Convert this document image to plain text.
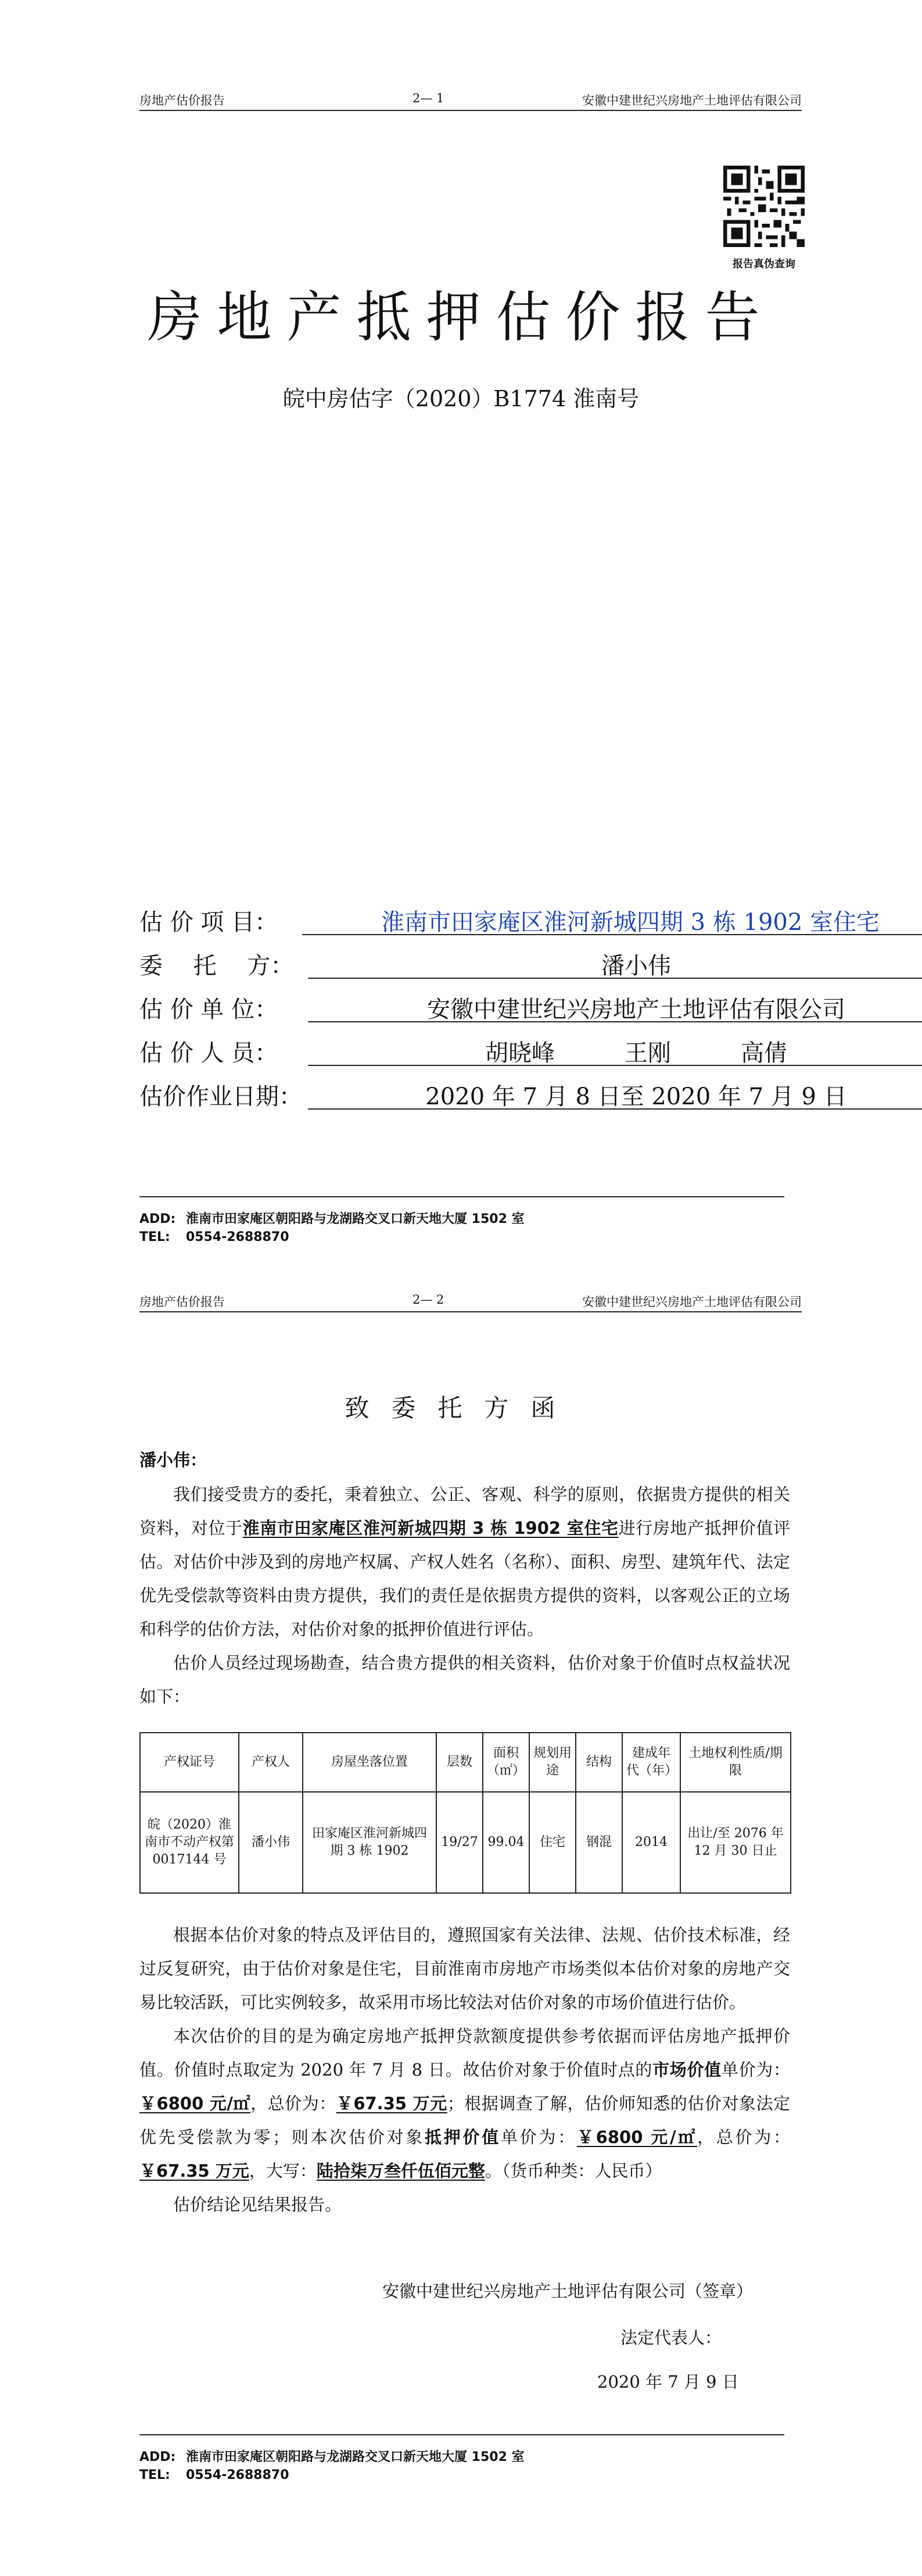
房地产估价报告	2— 1	安徽中建世纪兴房地产土地评估有限公司
报告真伪查询
房地产抵押估价报告
皖中房估字（2020）B1774 淮南号
估 价 项 目：	淮南市田家庵区淮河新城四期 3 栋 1902 室住宅
委　 托　 方：	潘小伟
估 价 单 位：	安徽中建世纪兴房地产土地评估有限公司
估 价 人 员：	胡晓峰　　　王刚　　　高倩
估价作业日期：	2020 年 7 月 8 日至 2020 年 7 月 9 日
ADD: 淮南市田家庵区朝阳路与龙湖路交叉口新天地大厦 1502 室
TEL: 0554-2688870
房地产估价报告	2— 2	安徽中建世纪兴房地产土地评估有限公司
致委托方函
潘小伟：

我们接受贵方的委托，秉着独立、公正、客观、科学的原则，依据贵方提供的相关资料，对位于淮南市田家庵区淮河新城四期 3 栋 1902 室住宅进行房地产抵押价值评估。对估价中涉及到的房地产权属、产权人姓名（名称）、面积、房型、建筑年代、法定优先受偿款等资料由贵方提供，我们的责任是依据贵方提供的资料，以客观公正的立场和科学的估价方法，对估价对象的抵押价值进行评估。

估价人员经过现场勘查，结合贵方提供的相关资料，估价对象于价值时点权益状况如下：

产权证号	产权人	房屋坐落位置	层数	面积（㎡）	规划用途	结构	建成年代（年）	土地权利性质/期限
皖（2020）淮南市不动产权第 0017144 号	潘小伟	田家庵区淮河新城四期 3 栋 1902	19/27	99.04	住宅	钢混	2014	出让/至 2076 年 12 月 30 日止

根据本估价对象的特点及评估目的，遵照国家有关法律、法规、估价技术标准，经过反复研究，由于估价对象是住宅，目前淮南市房地产市场类似本估价对象的房地产交易比较活跃，可比实例较多，故采用市场比较法对估价对象的市场价值进行估价。

本次估价的目的是为确定房地产抵押贷款额度提供参考依据而评估房地产抵押价值。价值时点取定为 2020 年 7 月 8 日。故估价对象于价值时点的市场价值单价为：￥6800 元/㎡，总价为：￥67.35 万元；根据调查了解，估价师知悉的估价对象法定优先受偿款为零；则本次估价对象抵押价值单价为：￥6800 元/㎡，总价为：￥67.35 万元，大写：陆拾柒万叁仟伍佰元整。（货币种类：人民币）

估价结论见结果报告。

安徽中建世纪兴房地产土地评估有限公司（签章）
法定代表人：
2020 年 7 月 9 日
ADD: 淮南市田家庵区朝阳路与龙湖路交叉口新天地大厦 1502 室
TEL: 0554-2688870
